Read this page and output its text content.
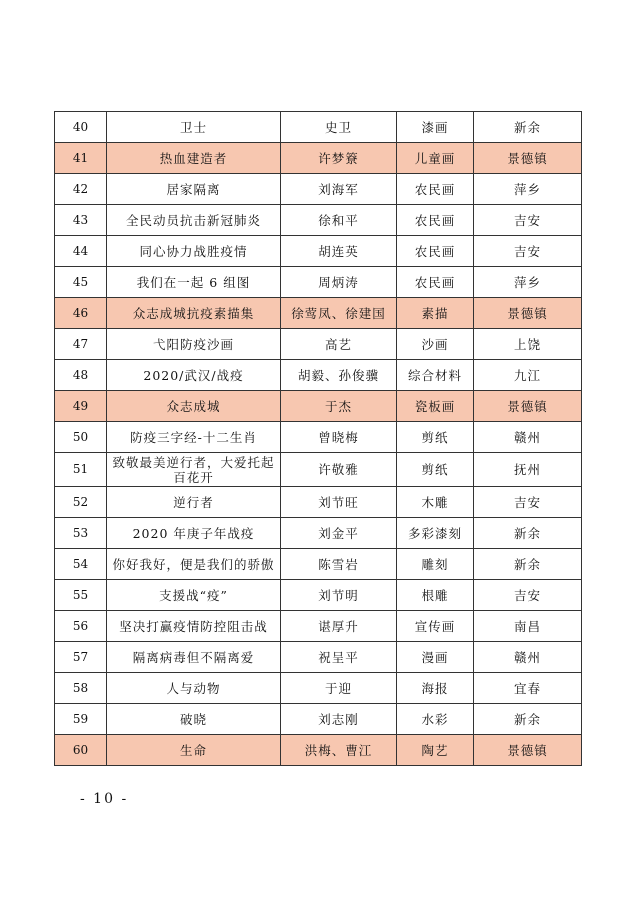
40	卫士	史卫	漆画	新余
41	热血建造者	许梦簝	儿童画	景德镇
42	居家隔离	刘海军	农民画	萍乡
43	全民动员抗击新冠肺炎	徐和平	农民画	吉安
44	同心协力战胜疫情	胡连英	农民画	吉安
45	我们在一起 6 组图	周炳涛	农民画	萍乡
46	众志成城抗疫素描集	徐莺凤、徐建国	素描	景德镇
47	弋阳防疫沙画	高艺	沙画	上饶
48	2020/武汉/战疫	胡毅、孙俊骥	综合材料	九江
49	众志成城	于杰	瓷板画	景德镇
50	防疫三字经-十二生肖	曾晓梅	剪纸	赣州
51	致敬最美逆行者，大爱托起百花开	许敬雅	剪纸	抚州
52	逆行者	刘节旺	木雕	吉安
53	2020 年庚子年战疫	刘金平	多彩漆刻	新余
54	你好我好，便是我们的骄傲	陈雪岩	雕刻	新余
55	支援战“疫”	刘节明	根雕	吉安
56	坚决打赢疫情防控阻击战	谌厚升	宣传画	南昌
57	隔离病毒但不隔离爱	祝呈平	漫画	赣州
58	人与动物	于迎	海报	宜春
59	破晓	刘志刚	水彩	新余
60	生命	洪梅、曹江	陶艺	景德镇
- 10 -
